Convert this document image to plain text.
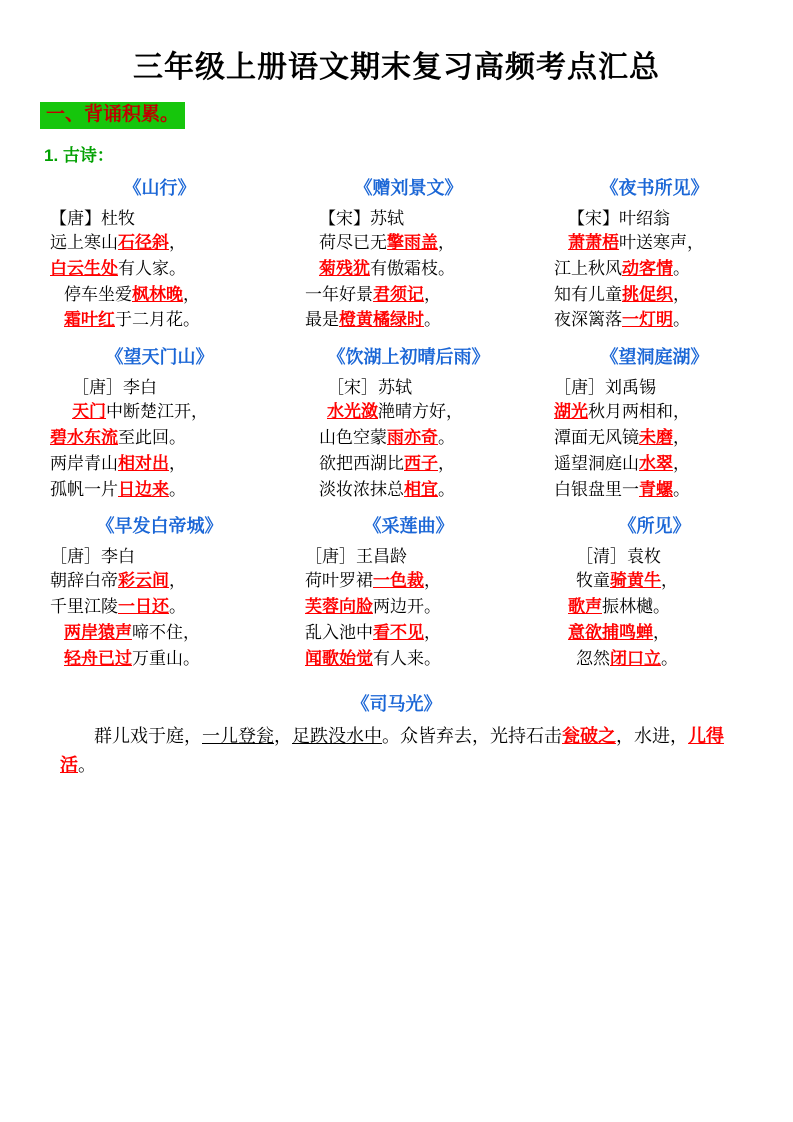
三年级上册语文期末复习高频考点汇总
一、背诵积累。
1. 古诗：
《山行》
【唐】杜牧
远上寒山石径斜，
白云生处有人家。
停车坐爱枫林晚，
霜叶红于二月花。
《赠刘景文》
【宋】苏轼
荷尽已无擎雨盖，
菊残犹有傲霜枝。
一年好景君须记，
最是橙黄橘绿时。
《夜书所见》
【宋】叶绍翁
萧萧梧叶送寒声，
江上秋风动客情。
知有儿童挑促织，
夜深篱落一灯明。
《望天门山》
［唐］李白
天门中断楚江开，
碧水东流至此回。
两岸青山相对出，
孤帆一片日边来。
《饮湖上初晴后雨》
［宋］苏轼
水光潋滟晴方好，
山色空蒙雨亦奇。
欲把西湖比西子，
淡妆浓抹总相宜。
《望洞庭湖》
［唐］刘禹锡
湖光秋月两相和，
潭面无风镜未磨，
遥望洞庭山水翠，
白银盘里一青螺。
《早发白帝城》
［唐］李白
朝辞白帝彩云间，
千里江陵一日还。
两岸猿声啼不住，
轻舟已过万重山。
《采莲曲》
［唐］王昌龄
荷叶罗裙一色裁，
芙蓉向脸两边开。
乱入池中看不见，
闻歌始觉有人来。
《所见》
［清］袁枚
牧童骑黄牛，
歌声振林樾。
意欲捕鸣蝉，
忽然闭口立。
《司马光》
群儿戏于庭，一儿登瓮，足跌没水中。众皆弃去，光持石击瓮破之，水进，儿得活。
